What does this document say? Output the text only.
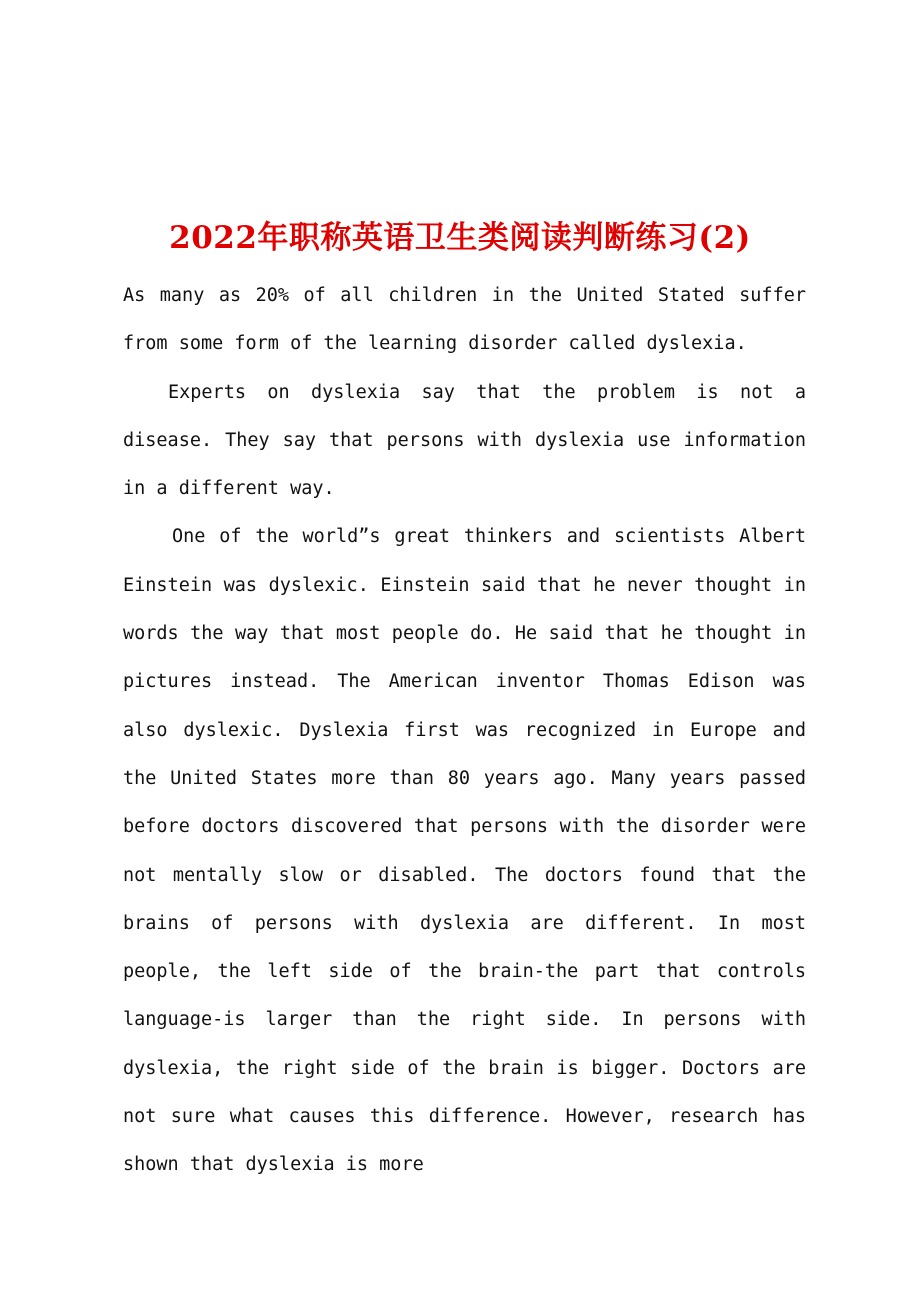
2022年职称英语卫生类阅读判断练习(2)

As many as 20% of all children in the United Stated suffer from some form of the learning disorder called dyslexia.

Experts on dyslexia say that the problem is not a disease. They say that persons with dyslexia use information in a different way.

One of the world”s great thinkers and scientists Albert Einstein was dyslexic. Einstein said that he never thought in words the way that most people do. He said that he thought in pictures instead. The American inventor Thomas Edison was also dyslexic. Dyslexia first was recognized in Europe and the United States more than 80 years ago. Many years passed before doctors discovered that persons with the disorder were not mentally slow or disabled. The doctors found that the brains of persons with dyslexia are different. In most people, the left side of the brain-the part that controls language-is larger than the right side. In persons with dyslexia, the right side of the brain is bigger. Doctors are not sure what causes this difference. However, research has shown that dyslexia is more
